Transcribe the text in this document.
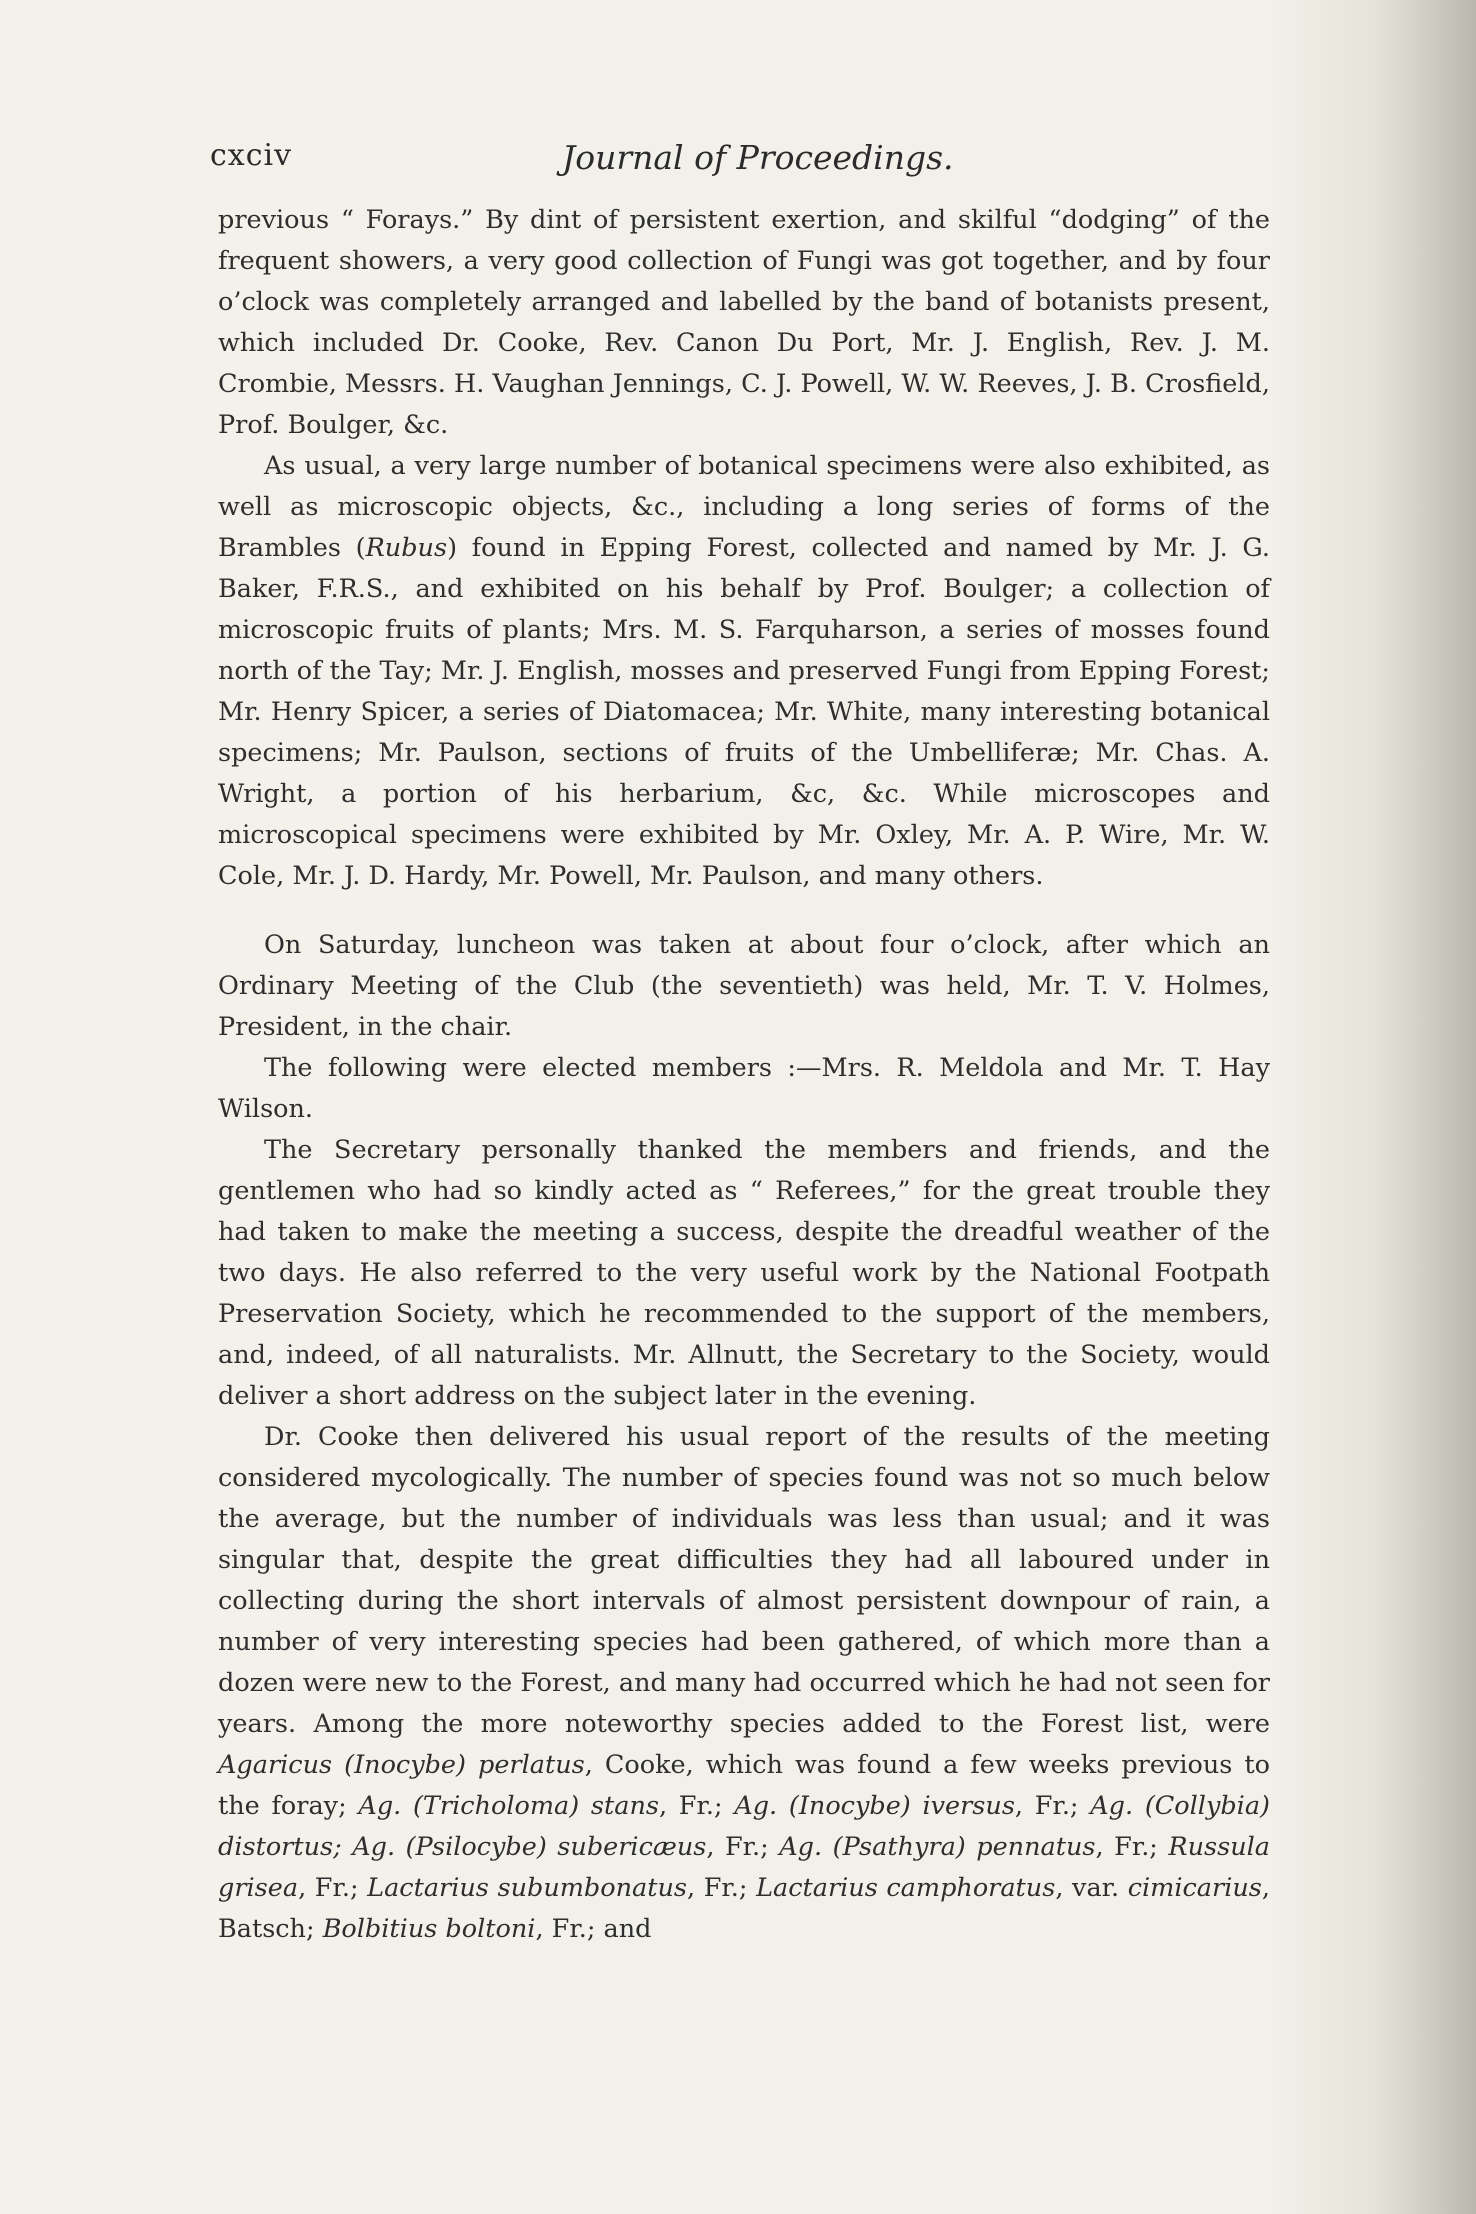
cxciv	Journal of Proceedings.

previous “ Forays.” By dint of persistent exertion, and skilful “dodging” of the frequent showers, a very good collection of Fungi was got together, and by four o’clock was completely arranged and labelled by the band of botanists present, which included Dr. Cooke, Rev. Canon Du Port, Mr. J. English, Rev. J. M. Crombie, Messrs. H. Vaughan Jennings, C. J. Powell, W. W. Reeves, J. B. Crosfield, Prof. Boulger, &c.

As usual, a very large number of botanical specimens were also exhibited, as well as microscopic objects, &c., including a long series of forms of the Brambles (Rubus) found in Epping Forest, collected and named by Mr. J. G. Baker, F.R.S., and exhibited on his behalf by Prof. Boulger; a collection of microscopic fruits of plants; Mrs. M. S. Farquharson, a series of mosses found north of the Tay; Mr. J. English, mosses and preserved Fungi from Epping Forest; Mr. Henry Spicer, a series of Diatomacea; Mr. White, many interesting botanical specimens; Mr. Paulson, sections of fruits of the Umbelliferæ; Mr. Chas. A. Wright, a portion of his herbarium, &c, &c. While microscopes and microscopical specimens were exhibited by Mr. Oxley, Mr. A. P. Wire, Mr. W. Cole, Mr. J. D. Hardy, Mr. Powell, Mr. Paulson, and many others.

On Saturday, luncheon was taken at about four o’clock, after which an Ordinary Meeting of the Club (the seventieth) was held, Mr. T. V. Holmes, President, in the chair.

The following were elected members :—Mrs. R. Meldola and Mr. T. Hay Wilson.

The Secretary personally thanked the members and friends, and the gentlemen who had so kindly acted as “ Referees,” for the great trouble they had taken to make the meeting a success, despite the dreadful weather of the two days. He also referred to the very useful work by the National Footpath Preservation Society, which he recommended to the support of the members, and, indeed, of all naturalists. Mr. Allnutt, the Secretary to the Society, would deliver a short address on the subject later in the evening.

Dr. Cooke then delivered his usual report of the results of the meeting considered mycologically. The number of species found was not so much below the average, but the number of individuals was less than usual; and it was singular that, despite the great difficulties they had all laboured under in collecting during the short intervals of almost persistent downpour of rain, a number of very interesting species had been gathered, of which more than a dozen were new to the Forest, and many had occurred which he had not seen for years. Among the more noteworthy species added to the Forest list, were Agaricus (Inocybe) perlatus, Cooke, which was found a few weeks previous to the foray; Ag. (Tricholoma) stans, Fr.; Ag. (Inocybe) iversus, Fr.; Ag. (Collybia) distortus; Ag. (Psilocybe) subericæus, Fr.; Ag. (Psathyra) pennatus, Fr.; Russula grisea, Fr.; Lactarius subumbonatus, Fr.; Lactarius camphoratus, var. cimicarius, Batsch; Bolbitius boltoni, Fr.; and
